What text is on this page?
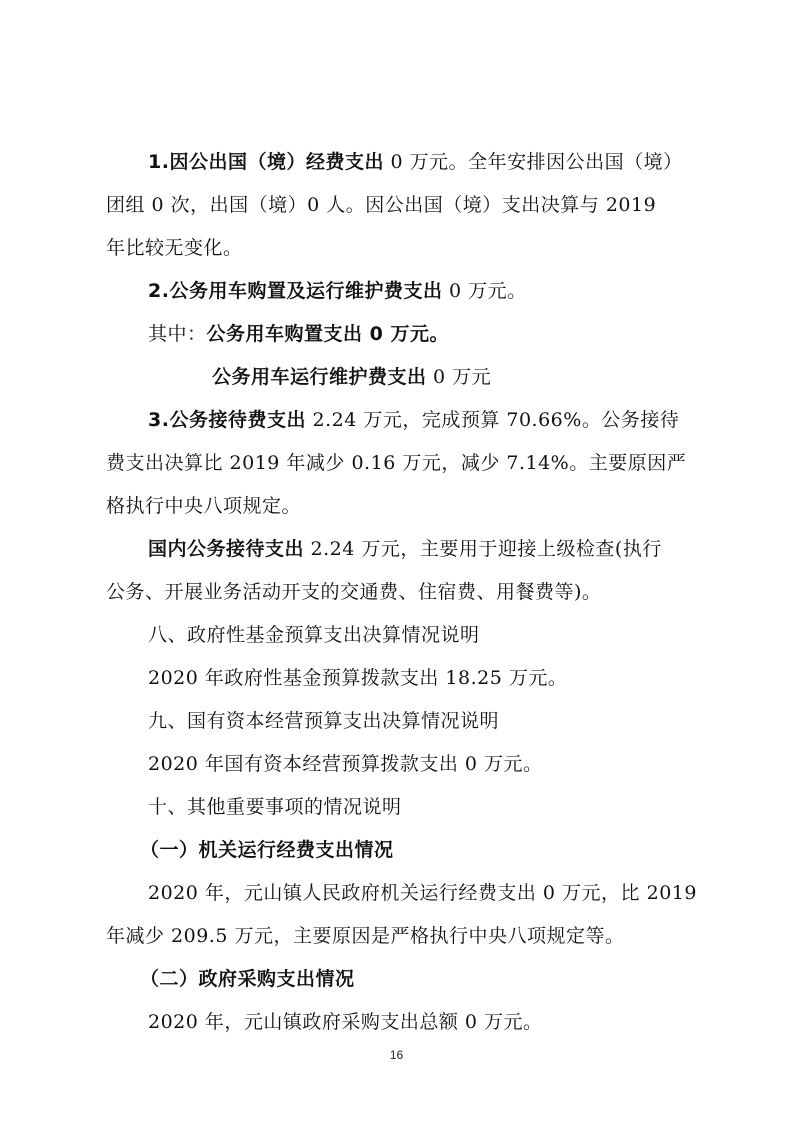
1.因公出国（境）经费支出 0 万元。全年安排因公出国（境）
团组 0 次，出国（境）0 人。因公出国（境）支出决算与 2019
年比较无变化。
2.公务用车购置及运行维护费支出 0 万元。
其中：公务用车购置支出 0 万元。
公务用车运行维护费支出 0 万元
3.公务接待费支出 2.24 万元，完成预算 70.66%。公务接待
费支出决算比 2019 年减少 0.16 万元，减少 7.14%。主要原因严
格执行中央八项规定。
国内公务接待支出 2.24 万元，主要用于迎接上级检查(执行
公务、开展业务活动开支的交通费、住宿费、用餐费等)。
八、政府性基金预算支出决算情况说明
2020 年政府性基金预算拨款支出 18.25 万元。
九、国有资本经营预算支出决算情况说明
2020 年国有资本经营预算拨款支出 0 万元。
十、其他重要事项的情况说明
（一）机关运行经费支出情况
2020 年，元山镇人民政府机关运行经费支出 0 万元，比 2019
年减少 209.5 万元，主要原因是严格执行中央八项规定等。
（二）政府采购支出情况
2020 年，元山镇政府采购支出总额 0 万元。
16
